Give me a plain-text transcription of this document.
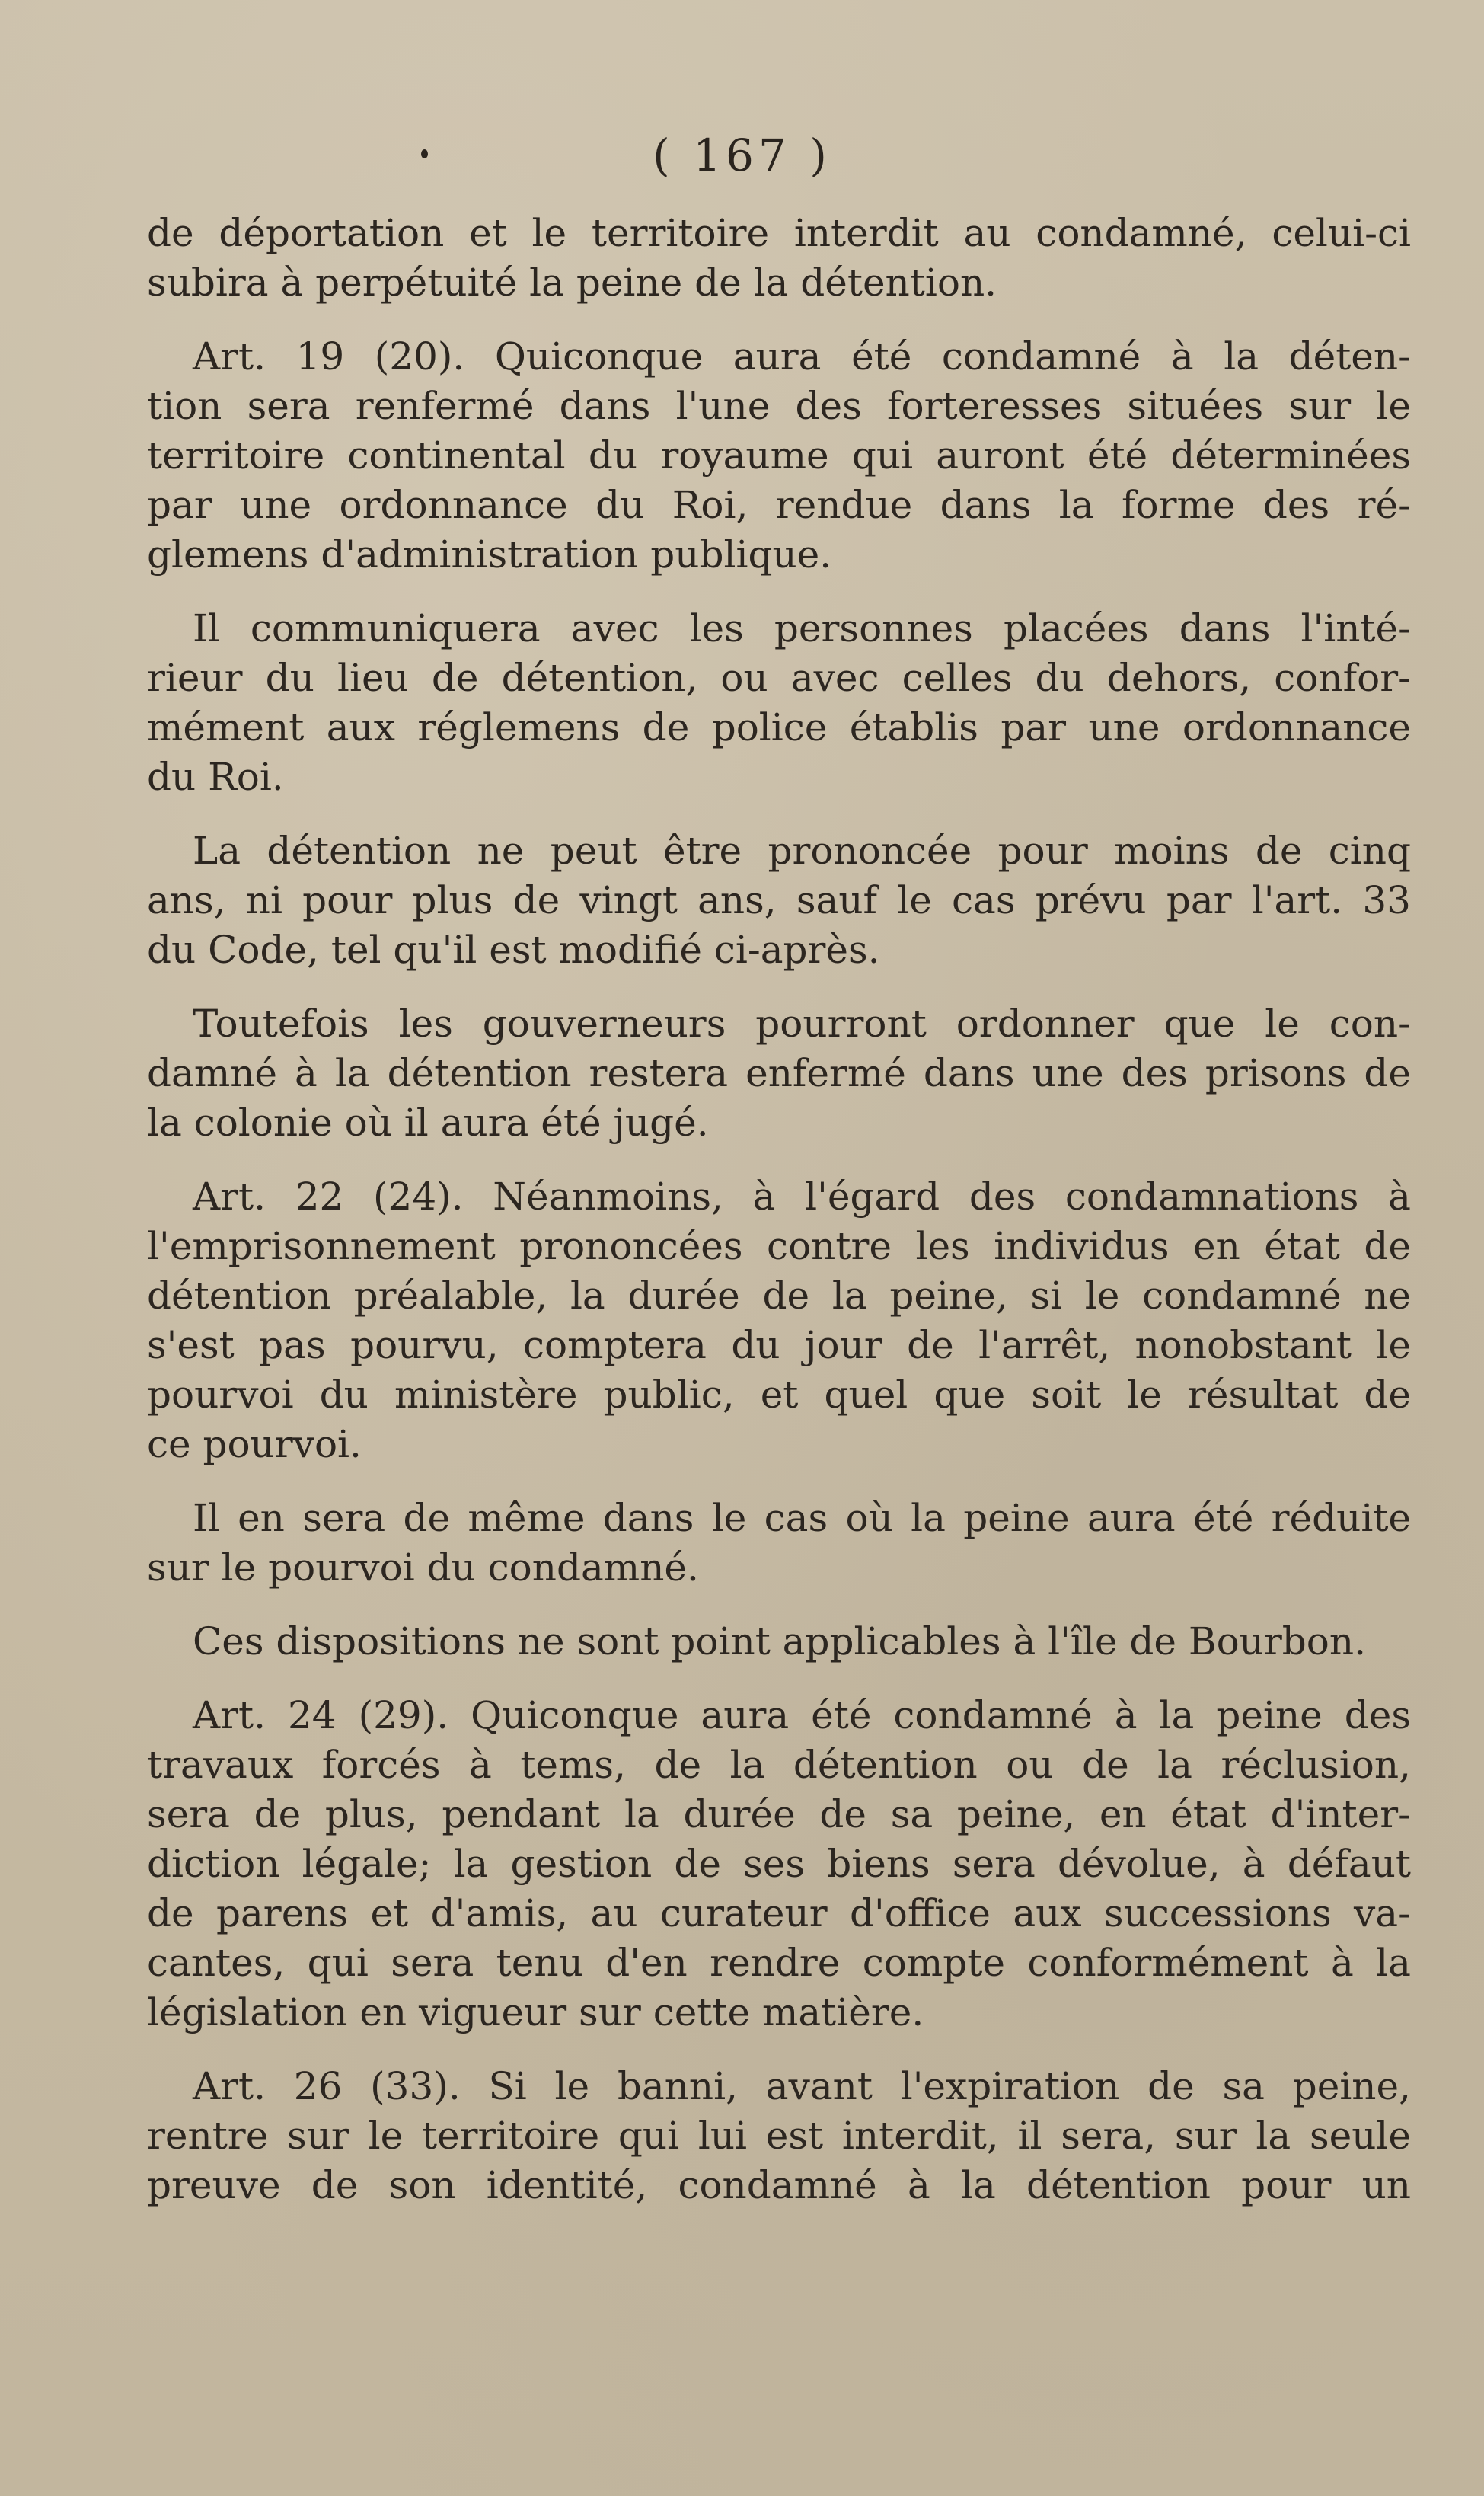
( 167 )
de déportation et le territoire interdit au condamné, celui-ci
subira à perpétuité la peine de la détention.
Art. 19 (20). Quiconque aura été condamné à la déten-
tion sera renfermé dans l'une des forteresses situées sur le
territoire continental du royaume qui auront été déterminées
par une ordonnance du Roi, rendue dans la forme des ré-
glemens d'administration publique.
Il communiquera avec les personnes placées dans l'inté-
rieur du lieu de détention, ou avec celles du dehors, confor-
mément aux réglemens de police établis par une ordonnance
du Roi.
La détention ne peut être prononcée pour moins de cinq
ans, ni pour plus de vingt ans, sauf le cas prévu par l'art. 33
du Code, tel qu'il est modifié ci-après.
Toutefois les gouverneurs pourront ordonner que le con-
damné à la détention restera enfermé dans une des prisons de
la colonie où il aura été jugé.
Art. 22 (24). Néanmoins, à l'égard des condamnations à
l'emprisonnement prononcées contre les individus en état de
détention préalable, la durée de la peine, si le condamné ne
s'est pas pourvu, comptera du jour de l'arrêt, nonobstant le
pourvoi du ministère public, et quel que soit le résultat de
ce pourvoi.
Il en sera de même dans le cas où la peine aura été réduite
sur le pourvoi du condamné.
Ces dispositions ne sont point applicables à l'île de Bourbon.
Art. 24 (29). Quiconque aura été condamné à la peine des
travaux forcés à tems, de la détention ou de la réclusion,
sera de plus, pendant la durée de sa peine, en état d'inter-
diction légale; la gestion de ses biens sera dévolue, à défaut
de parens et d'amis, au curateur d'office aux successions va-
cantes, qui sera tenu d'en rendre compte conformément à la
législation en vigueur sur cette matière.
Art. 26 (33). Si le banni, avant l'expiration de sa peine,
rentre sur le territoire qui lui est interdit, il sera, sur la seule
preuve de son identité, condamné à la détention pour un
